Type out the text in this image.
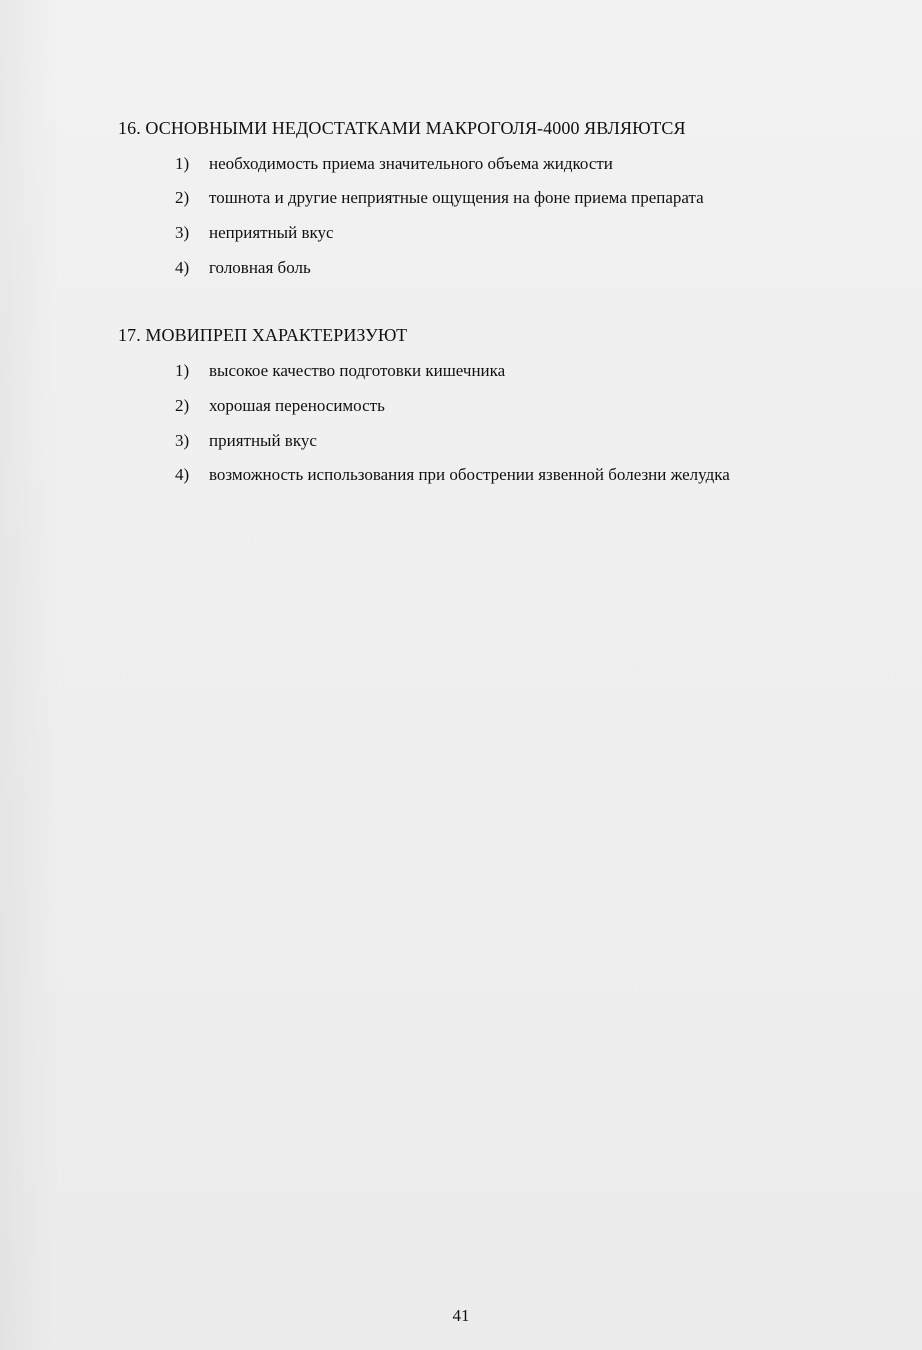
16. ОСНОВНЫМИ НЕДОСТАТКАМИ МАКРОГОЛЯ-4000 ЯВЛЯЮТСЯ
1) необходимость приема значительного объема жидкости
2) тошнота и другие неприятные ощущения на фоне приема препарата
3) неприятный вкус
4) головная боль
17. МОВИПРЕП ХАРАКТЕРИЗУЮТ
1) высокое качество подготовки кишечника
2) хорошая переносимость
3) приятный вкус
4) возможность использования при обострении язвенной болезни желудка
41
